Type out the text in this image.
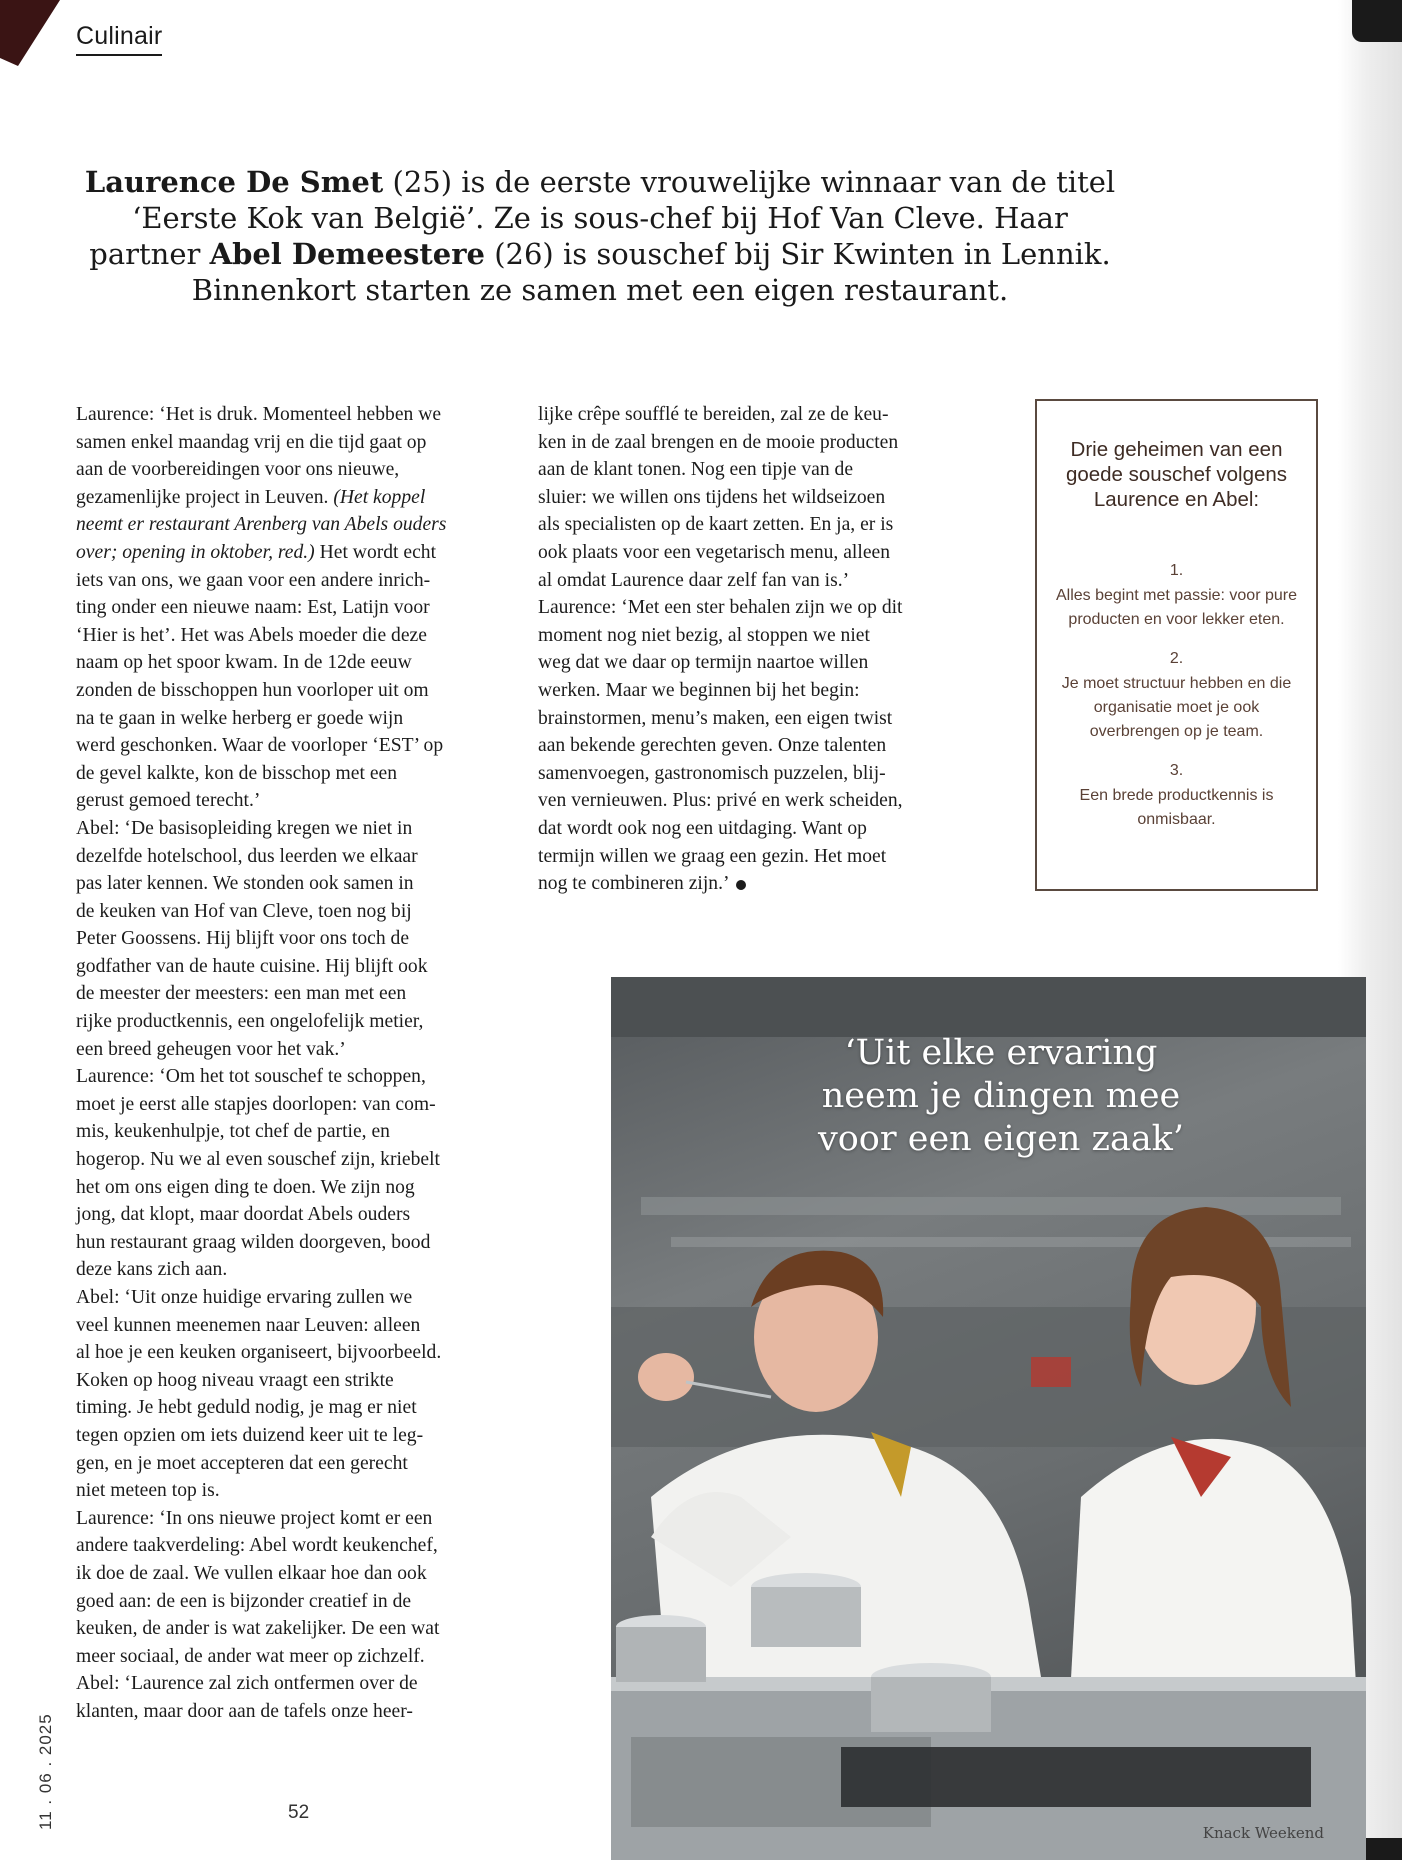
Culinair

Laurence De Smet (25) is de eerste vrouwelijke winnaar van de titel ‘Eerste Kok van België’. Ze is sous-chef bij Hof Van Cleve. Haar partner Abel Demeestere (26) is souschef bij Sir Kwinten in Lennik. Binnenkort starten ze samen met een eigen restaurant.

Laurence: ‘Het is druk. Momenteel hebben we

samen enkel maandag vrij en die tijd gaat op

aan de voorbereidingen voor ons nieuwe,

gezamenlijke project in Leuven. (Het koppel

neemt er restaurant Arenberg van Abels ouders

over; opening in oktober, red.) Het wordt echt

iets van ons, we gaan voor een andere inrich-

ting onder een nieuwe naam: Est, Latijn voor

‘Hier is het’. Het was Abels moeder die deze

naam op het spoor kwam. In de 12de eeuw

zonden de bisschoppen hun voorloper uit om

na te gaan in welke herberg er goede wijn

werd geschonken. Waar de voorloper ‘EST’ op

de gevel kalkte, kon de bisschop met een

gerust gemoed terecht.’

Abel: ‘De basisopleiding kregen we niet in

dezelfde hotelschool, dus leerden we elkaar

pas later kennen. We stonden ook samen in

de keuken van Hof van Cleve, toen nog bij

Peter Goossens. Hij blijft voor ons toch de

godfather van de haute cuisine. Hij blijft ook

de meester der meesters: een man met een

rijke productkennis, een ongelofelijk metier,

een breed geheugen voor het vak.’

Laurence: ‘Om het tot souschef te schoppen,

moet je eerst alle stapjes doorlopen: van com-

mis, keukenhulpje, tot chef de partie, en

hogerop. Nu we al even souschef zijn, kriebelt

het om ons eigen ding te doen. We zijn nog

jong, dat klopt, maar doordat Abels ouders

hun restaurant graag wilden doorgeven, bood

deze kans zich aan.

Abel: ‘Uit onze huidige ervaring zullen we

veel kunnen meenemen naar Leuven: alleen

al hoe je een keuken organiseert, bijvoorbeeld.

Koken op hoog niveau vraagt een strikte

timing. Je hebt geduld nodig, je mag er niet

tegen opzien om iets duizend keer uit te leg-

gen, en je moet accepteren dat een gerecht

niet meteen top is.

Laurence: ‘In ons nieuwe project komt er een

andere taakverdeling: Abel wordt keukenchef,

ik doe de zaal. We vullen elkaar hoe dan ook

goed aan: de een is bijzonder creatief in de

keuken, de ander is wat zakelijker. De een wat

meer sociaal, de ander wat meer op zichzelf.

Abel: ‘Laurence zal zich ontfermen over de

klanten, maar door aan de tafels onze heer-

lijke crêpe soufflé te bereiden, zal ze de keu-

ken in de zaal brengen en de mooie producten

aan de klant tonen. Nog een tipje van de

sluier: we willen ons tijdens het wildseizoen

als specialisten op de kaart zetten. En ja, er is

ook plaats voor een vegetarisch menu, alleen

al omdat Laurence daar zelf fan van is.’

Laurence: ‘Met een ster behalen zijn we op dit

moment nog niet bezig, al stoppen we niet

weg dat we daar op termijn naartoe willen

werken. Maar we beginnen bij het begin:

brainstormen, menu’s maken, een eigen twist

aan bekende gerechten geven. Onze talenten

samenvoegen, gastronomisch puzzelen, blij-

ven vernieuwen. Plus: privé en werk scheiden,

dat wordt ook nog een uitdaging. Want op

termijn willen we graag een gezin. Het moet

nog te combineren zijn.’

Drie geheimen van een goede souschef volgens Laurence en Abel:
1.
Alles begint met passie: voor pure producten en voor lekker eten.
2.
Je moet structuur hebben en die organisatie moet je ook overbrengen op je team.
3.
Een brede productkennis is onmisbaar.
‘Uit elke ervaring neem je dingen mee voor een eigen zaak’
Knack Weekend
11 . 06 . 2025	52
